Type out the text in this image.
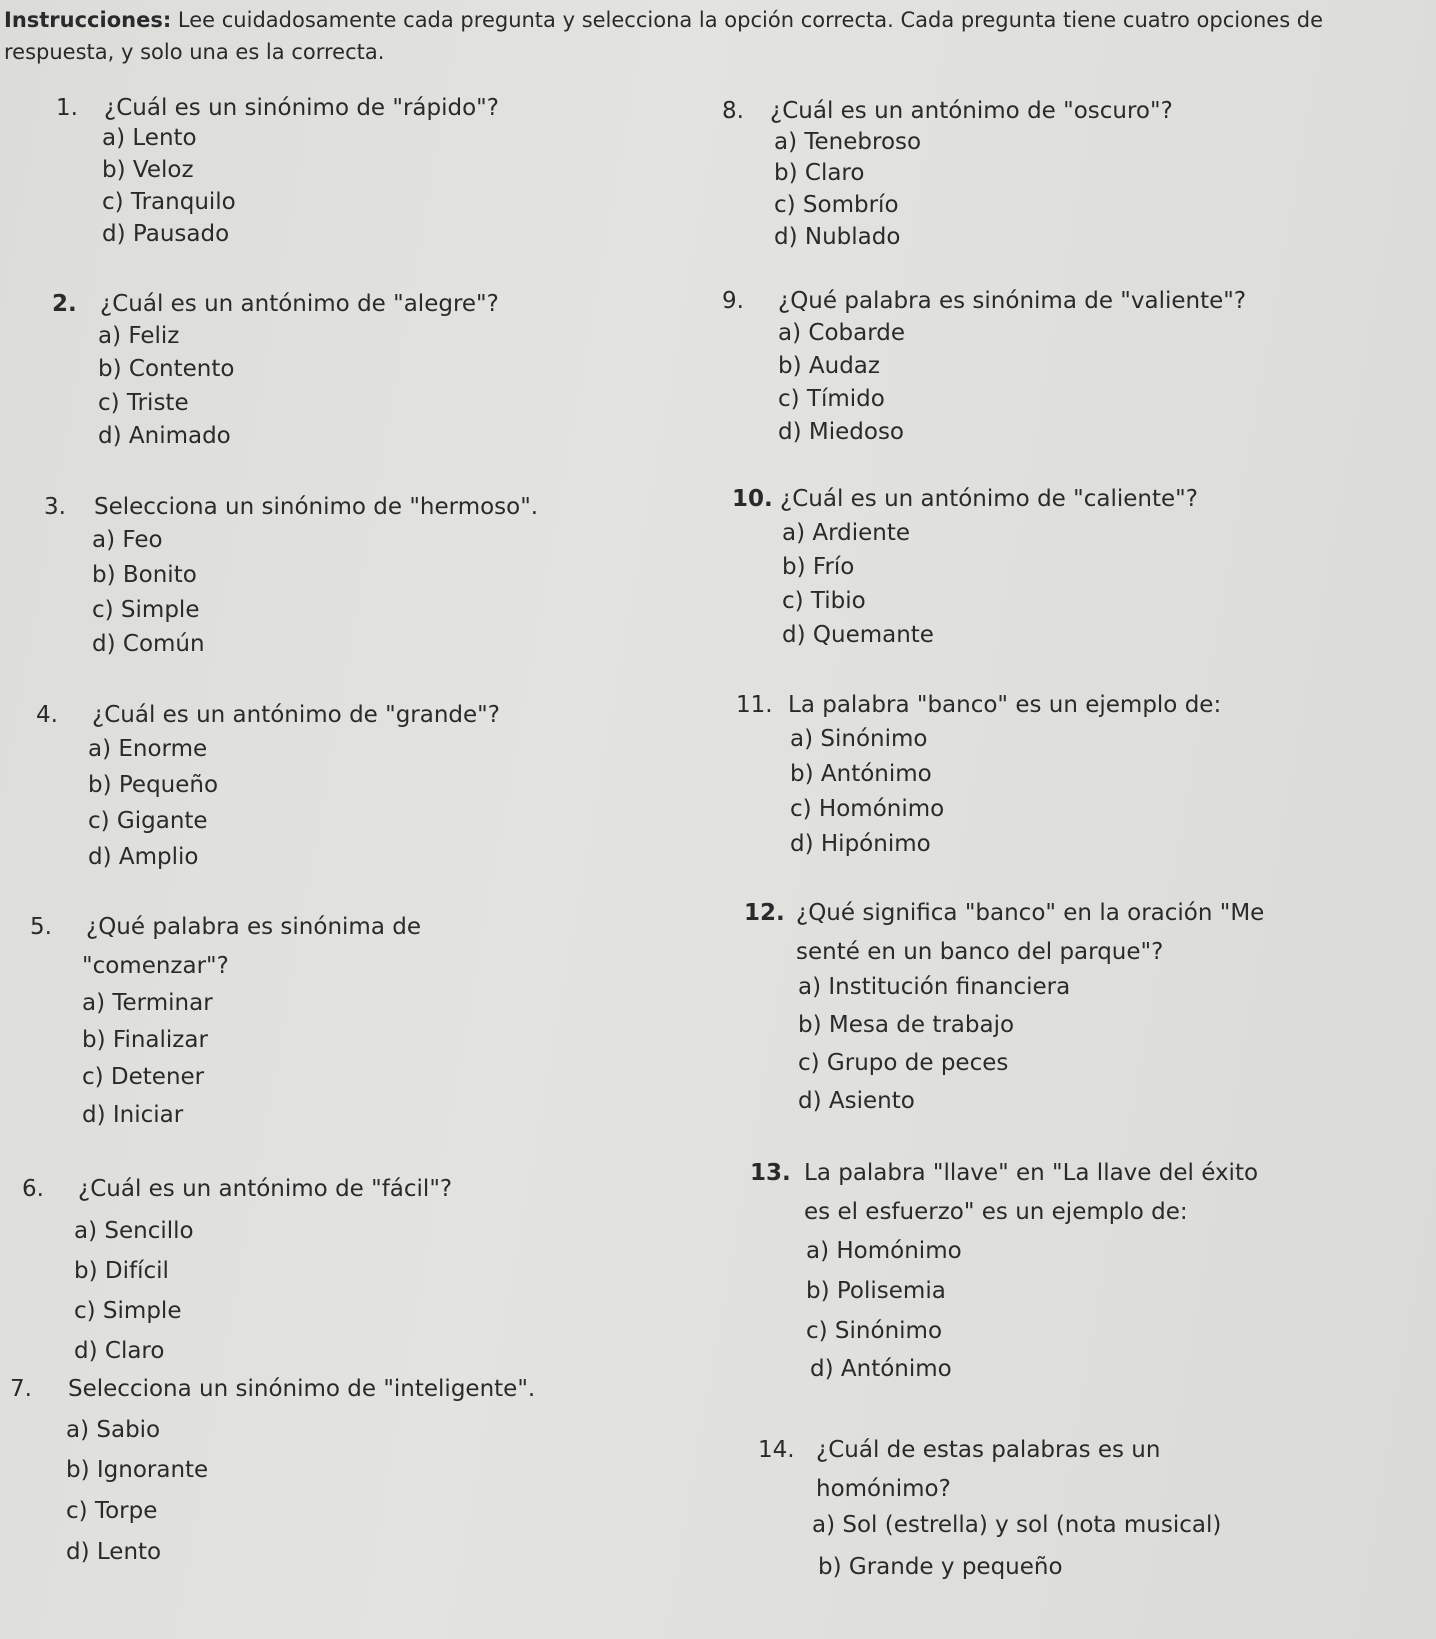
Instrucciones: Lee cuidadosamente cada pregunta y selecciona la opción correcta. Cada pregunta tiene cuatro opciones de respuesta, y solo una es la correcta.

1. ¿Cuál es un sinónimo de "rápido"?
a) Lento
b) Veloz
c) Tranquilo
d) Pausado
2. ¿Cuál es un antónimo de "alegre"?
a) Feliz
b) Contento
c) Triste
d) Animado
3. Selecciona un sinónimo de "hermoso".
a) Feo
b) Bonito
c) Simple
d) Común
4. ¿Cuál es un antónimo de "grande"?
a) Enorme
b) Pequeño
c) Gigante
d) Amplio
5. ¿Qué palabra es sinónima de
"comenzar"?
a) Terminar
b) Finalizar
c) Detener
d) Iniciar
6. ¿Cuál es un antónimo de "fácil"?
a) Sencillo
b) Difícil
c) Simple
d) Claro
7. Selecciona un sinónimo de "inteligente".
a) Sabio
b) Ignorante
c) Torpe
d) Lento
8. ¿Cuál es un antónimo de "oscuro"?
a) Tenebroso
b) Claro
c) Sombrío
d) Nublado
9. ¿Qué palabra es sinónima de "valiente"?
a) Cobarde
b) Audaz
c) Tímido
d) Miedoso
10. ¿Cuál es un antónimo de "caliente"?
a) Ardiente
b) Frío
c) Tibio
d) Quemante
11. La palabra "banco" es un ejemplo de:
a) Sinónimo
b) Antónimo
c) Homónimo
d) Hipónimo
12. ¿Qué significa "banco" en la oración "Me
senté en un banco del parque"?
a) Institución financiera
b) Mesa de trabajo
c) Grupo de peces
d) Asiento
13. La palabra "llave" en "La llave del éxito
es el esfuerzo" es un ejemplo de:
a) Homónimo
b) Polisemia
c) Sinónimo
d) Antónimo
14. ¿Cuál de estas palabras es un
homónimo?
a) Sol (estrella) y sol (nota musical)
b) Grande y pequeño
